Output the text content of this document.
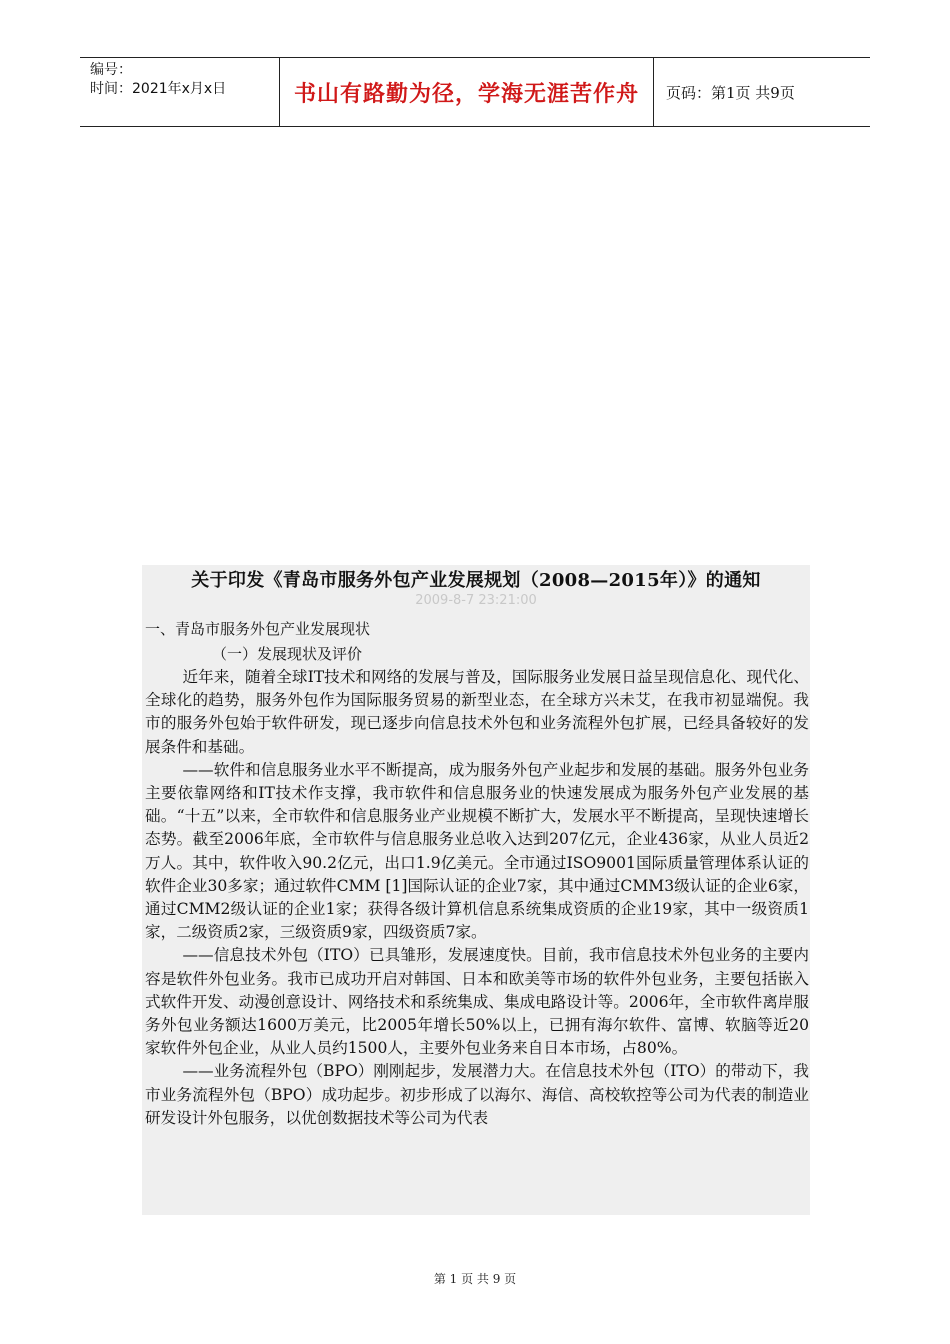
编号：
时间：2021年x月x日	书山有路勤为径，学海无涯苦作舟	页码：第1页 共9页
关于印发《青岛市服务外包产业发展规划（2008—2015年）》的通知
2009-8-7 23:21:00
一、青岛市服务外包产业发展现状
（一）发展现状及评价

近年来，随着全球IT技术和网络的发展与普及，国际服务业发展日益呈现信息化、现代化、全球化的趋势，服务外包作为国际服务贸易的新型业态，在全球方兴未艾，在我市初显端倪。我市的服务外包始于软件研发，现已逐步向信息技术外包和业务流程外包扩展，已经具备较好的发展条件和基础。

——软件和信息服务业水平不断提高，成为服务外包产业起步和发展的基础。服务外包业务主要依靠网络和IT技术作支撑，我市软件和信息服务业的快速发展成为服务外包产业发展的基础。“十五”以来，全市软件和信息服务业产业规模不断扩大，发展水平不断提高，呈现快速增长态势。截至2006年底，全市软件与信息服务业总收入达到207亿元，企业436家，从业人员近2万人。其中，软件收入90.2亿元，出口1.9亿美元。全市通过ISO9001国际质量管理体系认证的软件企业30多家；通过软件CMM [1]国际认证的企业7家，其中通过CMM3级认证的企业6家，通过CMM2级认证的企业1家；获得各级计算机信息系统集成资质的企业19家，其中一级资质1家，二级资质2家，三级资质9家，四级资质7家。

——信息技术外包（ITO）已具雏形，发展速度快。目前，我市信息技术外包业务的主要内容是软件外包业务。我市已成功开启对韩国、日本和欧美等市场的软件外包业务，主要包括嵌入式软件开发、动漫创意设计、网络技术和系统集成、集成电路设计等。2006年，全市软件离岸服务外包业务额达1600万美元，比2005年增长50%以上，已拥有海尔软件、富博、软脑等近20家软件外包企业，从业人员约1500人，主要外包业务来自日本市场，占80%。

——业务流程外包（BPO）刚刚起步，发展潜力大。在信息技术外包（ITO）的带动下，我市业务流程外包（BPO）成功起步。初步形成了以海尔、海信、高校软控等公司为代表的制造业研发设计外包服务，以优创数据技术等公司为代表

第 1 页 共 9 页
